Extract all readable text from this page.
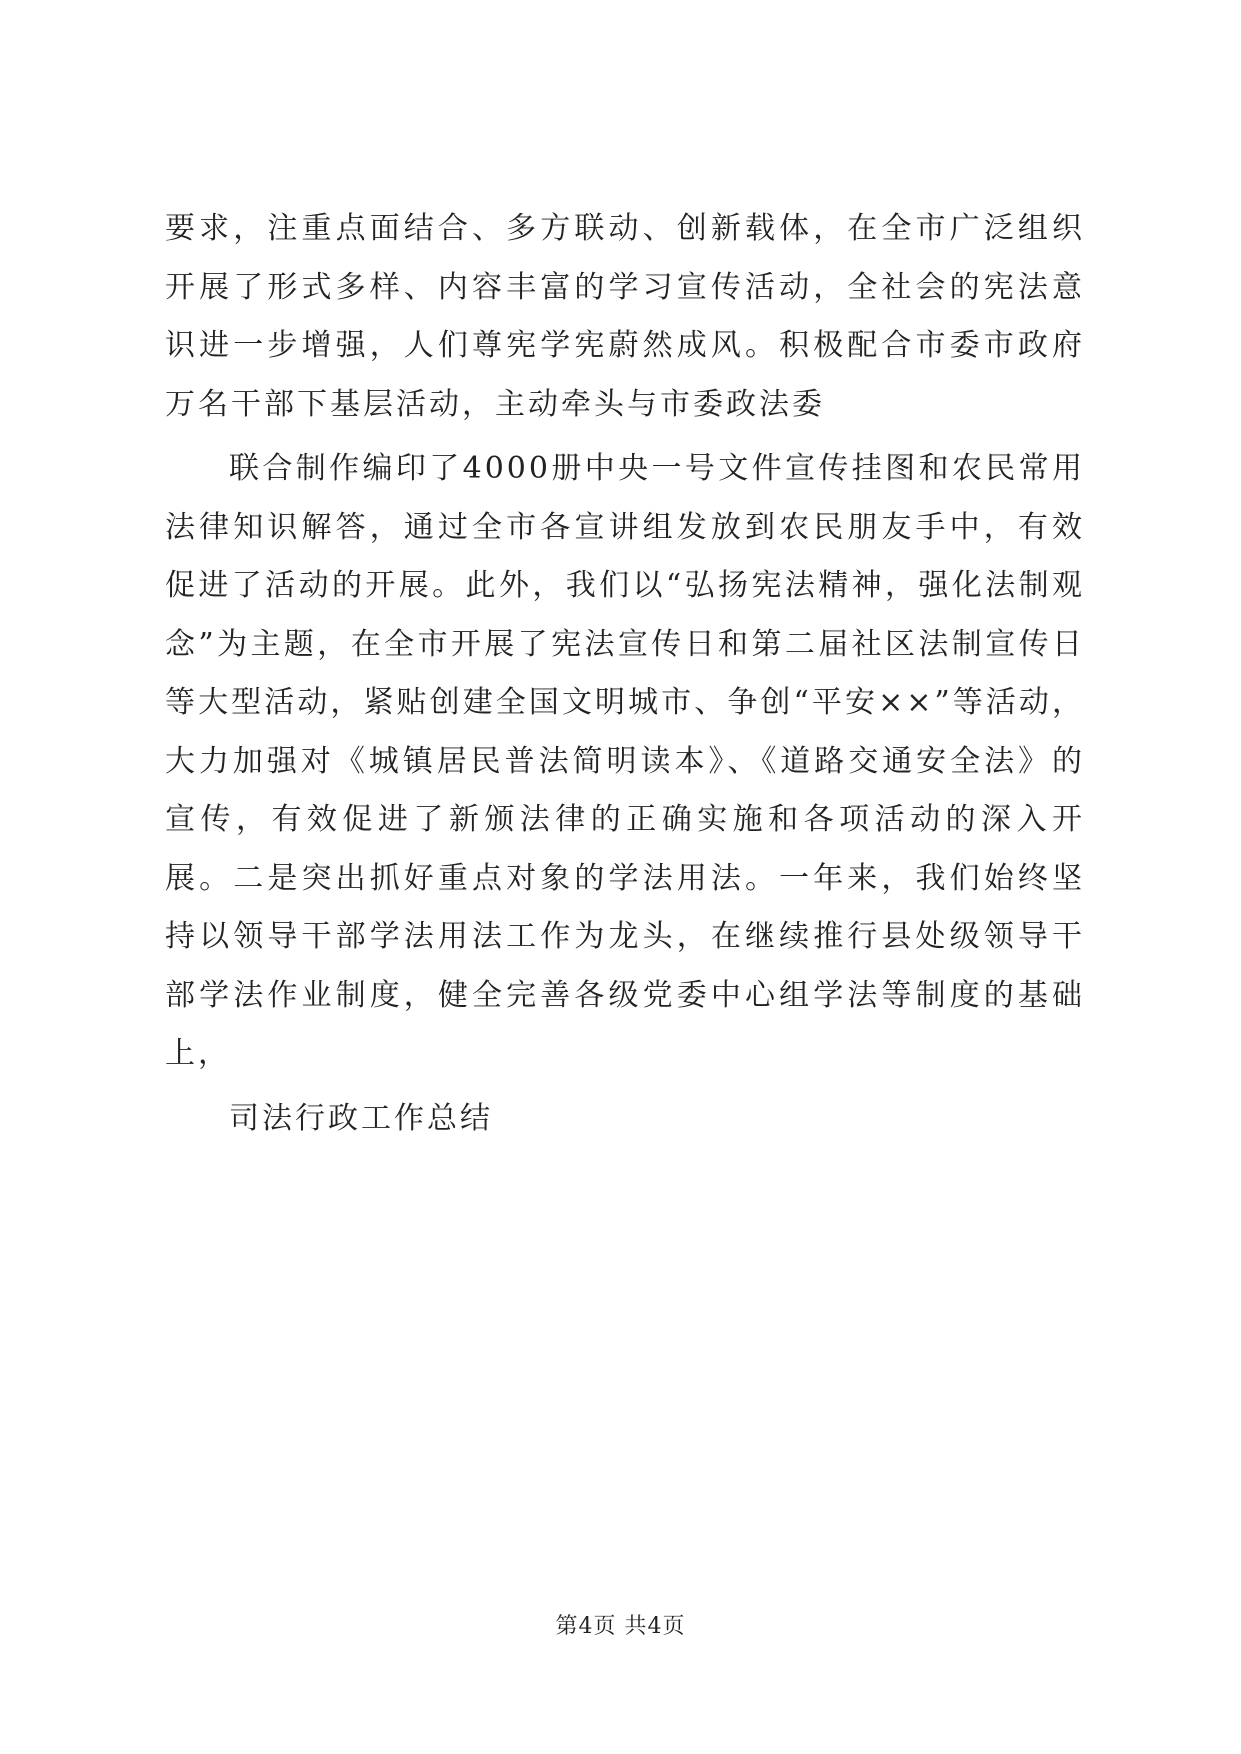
要求，注重点面结合、多方联动、创新载体，在全市广泛组织开展了形式多样、内容丰富的学习宣传活动，全社会的宪法意识进一步增强，人们尊宪学宪蔚然成风。积极配合市委市政府万名干部下基层活动，主动牵头与市委政法委

联合制作编印了4000册中央一号文件宣传挂图和农民常用法律知识解答，通过全市各宣讲组发放到农民朋友手中，有效促进了活动的开展。此外，我们以“弘扬宪法精神，强化法制观念”为主题，在全市开展了宪法宣传日和第二届社区法制宣传日等大型活动，紧贴创建全国文明城市、争创“平安××”等活动，大力加强对《城镇居民普法简明读本》、《道路交通安全法》的宣传，有效促进了新颁法律的正确实施和各项活动的深入开展。二是突出抓好重点对象的学法用法。一年来，我们始终坚持以领导干部学法用法工作为龙头，在继续推行县处级领导干部学法作业制度，健全完善各级党委中心组学法等制度的基础上，

司法行政工作总结

第4页 共4页
